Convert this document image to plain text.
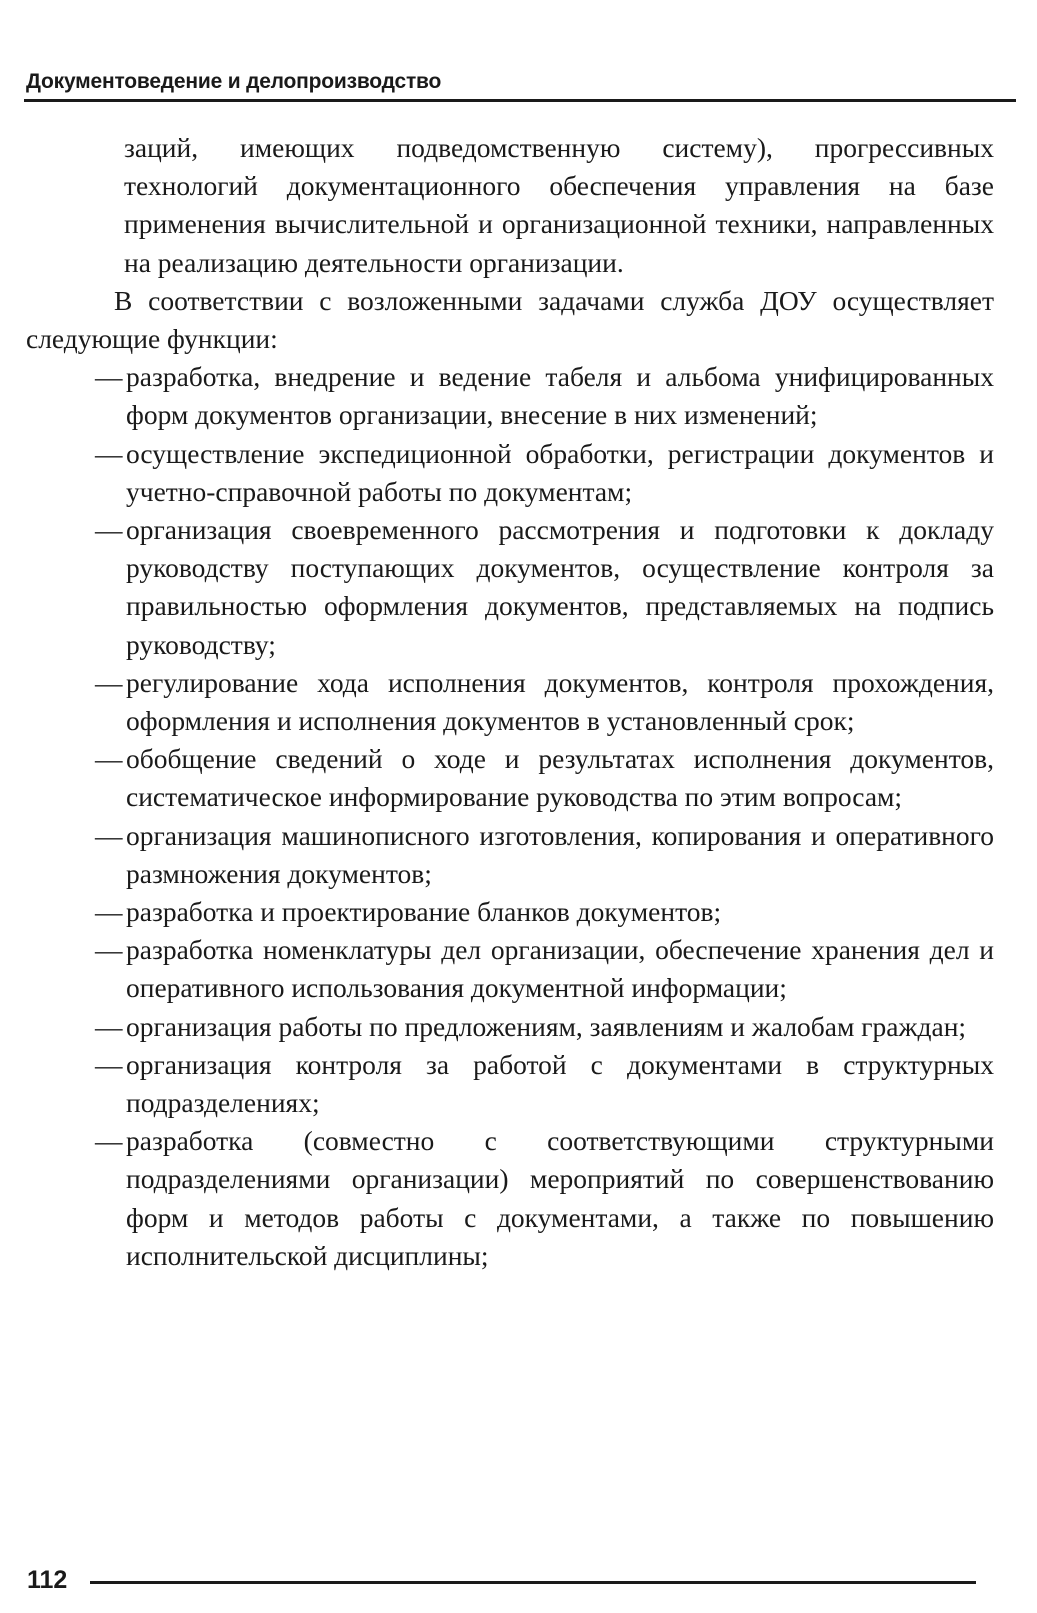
Документоведение и делопроизводство

заций, имеющих подведомственную систему), прогрессивных технологий документационного обеспечения управления на базе применения вычислительной и организационной техники, направленных на реализацию деятельности организации.

В соответствии с возложенными задачами служба ДОУ осуществляет следующие функции:

— разработка, внедрение и ведение табеля и альбома унифицированных форм документов организации, внесение в них изменений;
— осуществление экспедиционной обработки, регистрации документов и учетно-справочной работы по документам;
— организация своевременного рассмотрения и подготовки к докладу руководству поступающих документов, осуществление контроля за правильностью оформления документов, представляемых на подпись руководству;
— регулирование хода исполнения документов, контроля прохождения, оформления и исполнения документов в установленный срок;
— обобщение сведений о ходе и результатах исполнения документов, систематическое информирование руководства по этим вопросам;
— организация машинописного изготовления, копирования и оперативного размножения документов;
— разработка и проектирование бланков документов;
— разработка номенклатуры дел организации, обеспечение хранения дел и оперативного использования документной информации;
— организация работы по предложениям, заявлениям и жалобам граждан;
— организация контроля за работой с документами в структурных подразделениях;
— разработка (совместно с соответствующими структурными подразделениями организации) мероприятий по совершенствованию форм и методов работы с документами, а также по повышению исполнительской дисциплины;
112
